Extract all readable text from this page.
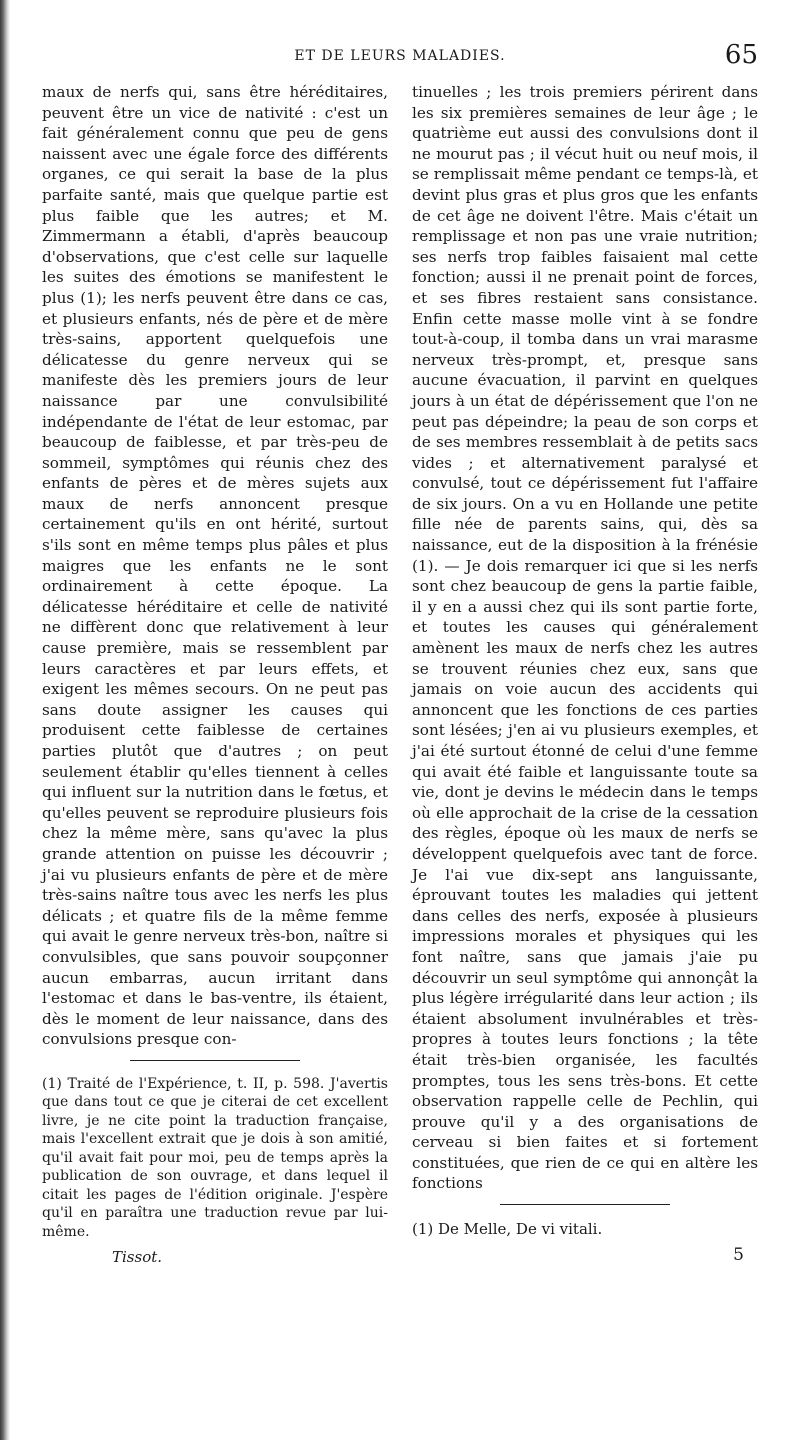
ET DE LEURS MALADIES.	65

maux de nerfs qui, sans être héréditaires, peuvent être un vice de nativité : c'est un fait généralement connu que peu de gens naissent avec une égale force des différents organes, ce qui serait la base de la plus parfaite santé, mais que quelque partie est plus faible que les autres; et M. Zimmermann a établi, d'après beaucoup d'observations, que c'est celle sur laquelle les suites des émotions se manifestent le plus (1); les nerfs peuvent être dans ce cas, et plusieurs enfants, nés de père et de mère très-sains, apportent quelquefois une délicatesse du genre nerveux qui se manifeste dès les premiers jours de leur naissance par une convulsibilité indépendante de l'état de leur estomac, par beaucoup de faiblesse, et par très-peu de sommeil, symptômes qui réunis chez des enfants de pères et de mères sujets aux maux de nerfs annoncent presque certainement qu'ils en ont hérité, surtout s'ils sont en même temps plus pâles et plus maigres que les enfants ne le sont ordinairement à cette époque. La délicatesse héréditaire et celle de nativité ne diffèrent donc que relativement à leur cause première, mais se ressemblent par leurs caractères et par leurs effets, et exigent les mêmes secours. On ne peut pas sans doute assigner les causes qui produisent cette faiblesse de certaines parties plutôt que d'autres ; on peut seulement établir qu'elles tiennent à celles qui influent sur la nutrition dans le fœtus, et qu'elles peuvent se reproduire plusieurs fois chez la même mère, sans qu'avec la plus grande attention on puisse les découvrir ; j'ai vu plusieurs enfants de père et de mère très-sains naître tous avec les nerfs les plus délicats ; et quatre fils de la même femme qui avait le genre nerveux très-bon, naître si convulsibles, que sans pouvoir soupçonner aucun embarras, aucun irritant dans l'estomac et dans le bas-ventre, ils étaient, dès le moment de leur naissance, dans des convulsions presque con-

(1) Traité de l'Expérience, t. II, p. 598. J'avertis que dans tout ce que je citerai de cet excellent livre, je ne cite point la traduction française, mais l'excellent extrait que je dois à son amitié, qu'il avait fait pour moi, peu de temps après la publication de son ouvrage, et dans lequel il citait les pages de l'édition originale. J'espère qu'il en paraîtra une traduction revue par lui-même.

Tissot.

tinuelles ; les trois premiers périrent dans les six premières semaines de leur âge ; le quatrième eut aussi des convulsions dont il ne mourut pas ; il vécut huit ou neuf mois, il se remplissait même pendant ce temps-là, et devint plus gras et plus gros que les enfants de cet âge ne doivent l'être. Mais c'était un remplissage et non pas une vraie nutrition; ses nerfs trop faibles faisaient mal cette fonction; aussi il ne prenait point de forces, et ses fibres restaient sans consistance. Enfin cette masse molle vint à se fondre tout-à-coup, il tomba dans un vrai marasme nerveux très-prompt, et, presque sans aucune évacuation, il parvint en quelques jours à un état de dépérissement que l'on ne peut pas dépeindre; la peau de son corps et de ses membres ressemblait à de petits sacs vides ; et alternativement paralysé et convulsé, tout ce dépérissement fut l'affaire de six jours. On a vu en Hollande une petite fille née de parents sains, qui, dès sa naissance, eut de la disposition à la frénésie (1). — Je dois remarquer ici que si les nerfs sont chez beaucoup de gens la partie faible, il y en a aussi chez qui ils sont partie forte, et toutes les causes qui généralement amènent les maux de nerfs chez les autres se trouvent réunies chez eux, sans que jamais on voie aucun des accidents qui annoncent que les fonctions de ces parties sont lésées; j'en ai vu plusieurs exemples, et j'ai été surtout étonné de celui d'une femme qui avait été faible et languissante toute sa vie, dont je devins le médecin dans le temps où elle approchait de la crise de la cessation des règles, époque où les maux de nerfs se développent quelquefois avec tant de force. Je l'ai vue dix-sept ans languissante, éprouvant toutes les maladies qui jettent dans celles des nerfs, exposée à plusieurs impressions morales et physiques qui les font naître, sans que jamais j'aie pu découvrir un seul symptôme qui annonçât la plus légère irrégularité dans leur action ; ils étaient absolument invulnérables et très-propres à toutes leurs fonctions ; la tête était très-bien organisée, les facultés promptes, tous les sens très-bons. Et cette observation rappelle celle de Pechlin, qui prouve qu'il y a des organisations de cerveau si bien faites et si fortement constituées, que rien de ce qui en altère les fonctions

(1) De Melle, De vi vitali.

5
